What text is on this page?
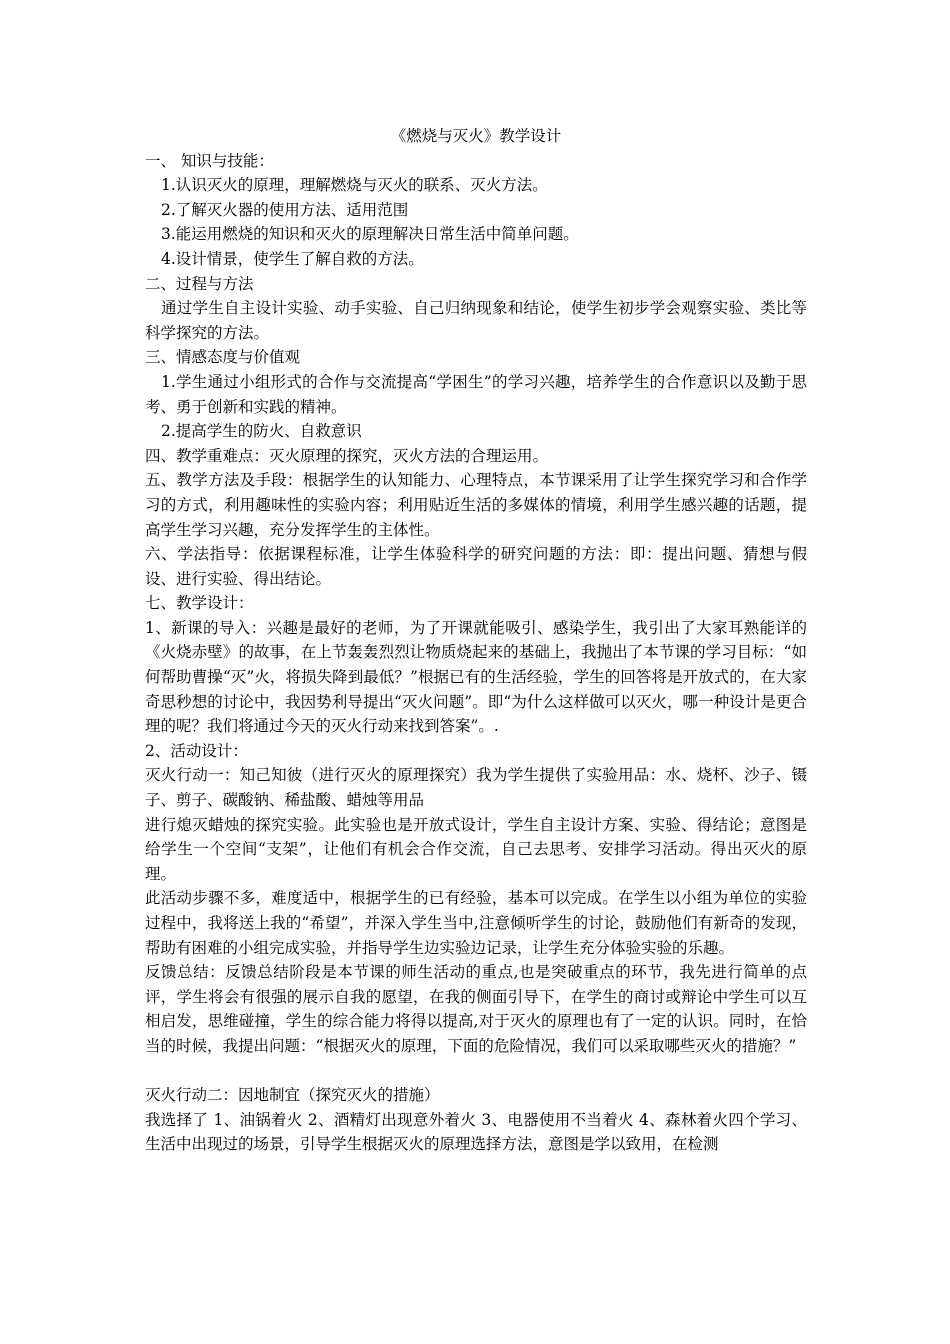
《燃烧与灭火》教学设计

一、 知识与技能：

1.认识灭火的原理，理解燃烧与灭火的联系、灭火方法。

2.了解灭火器的使用方法、适用范围

3.能运用燃烧的知识和灭火的原理解决日常生活中简单问题。

4.设计情景，使学生了解自救的方法。

二、过程与方法

通过学生自主设计实验、动手实验、自己归纳现象和结论，使学生初步学会观察实验、类比等科学探究的方法。

三、情感态度与价值观

1.学生通过小组形式的合作与交流提高“学困生”的学习兴趣，培养学生的合作意识以及勤于思考、勇于创新和实践的精神。

2.提高学生的防火、自救意识

四、教学重难点：灭火原理的探究，灭火方法的合理运用。

五、教学方法及手段：根据学生的认知能力、心理特点，本节课采用了让学生探究学习和合作学习的方式，利用趣味性的实验内容；利用贴近生活的多媒体的情境，利用学生感兴趣的话题，提高学生学习兴趣，充分发挥学生的主体性。

六、学法指导：依据课程标准，让学生体验科学的研究问题的方法：即：提出问题、猜想与假设、进行实验、得出结论。

七、教学设计：

1、新课的导入：兴趣是最好的老师，为了开课就能吸引、感染学生，我引出了大家耳熟能详的《火烧赤壁》的故事，在上节轰轰烈烈让物质烧起来的基础上，我抛出了本节课的学习目标：“如何帮助曹操“灭”火，将损失降到最低？”根据已有的生活经验，学生的回答将是开放式的，在大家奇思秒想的讨论中，我因势利导提出“灭火问题”。即“为什么这样做可以灭火，哪一种设计是更合理的呢？我们将通过今天的灭火行动来找到答案”。.

2、活动设计：

灭火行动一：知己知彼（进行灭火的原理探究）我为学生提供了实验用品：水、烧杯、沙子、镊子、剪子、碳酸钠、稀盐酸、蜡烛等用品

进行熄灭蜡烛的探究实验。此实验也是开放式设计，学生自主设计方案、实验、得结论；意图是给学生一个空间“支架”，让他们有机会合作交流，自己去思考、安排学习活动。得出灭火的原理。

此活动步骤不多，难度适中，根据学生的已有经验，基本可以完成。在学生以小组为单位的实验过程中，我将送上我的“希望”，并深入学生当中,注意倾听学生的讨论，鼓励他们有新奇的发现，帮助有困难的小组完成实验，并指导学生边实验边记录，让学生充分体验实验的乐趣。

反馈总结：反馈总结阶段是本节课的师生活动的重点,也是突破重点的环节，我先进行简单的点评，学生将会有很强的展示自我的愿望，在我的侧面引导下，在学生的商讨或辩论中学生可以互相启发，思维碰撞，学生的综合能力将得以提高,对于灭火的原理也有了一定的认识。同时，在恰当的时候，我提出问题：“根据灭火的原理，下面的危险情况，我们可以采取哪些灭火的措施？”

灭火行动二：因地制宜（探究灭火的措施）

我选择了 1、油锅着火 2、酒精灯出现意外着火 3、电器使用不当着火 4、森林着火四个学习、生活中出现过的场景，引导学生根据灭火的原理选择方法，意图是学以致用，在检测
